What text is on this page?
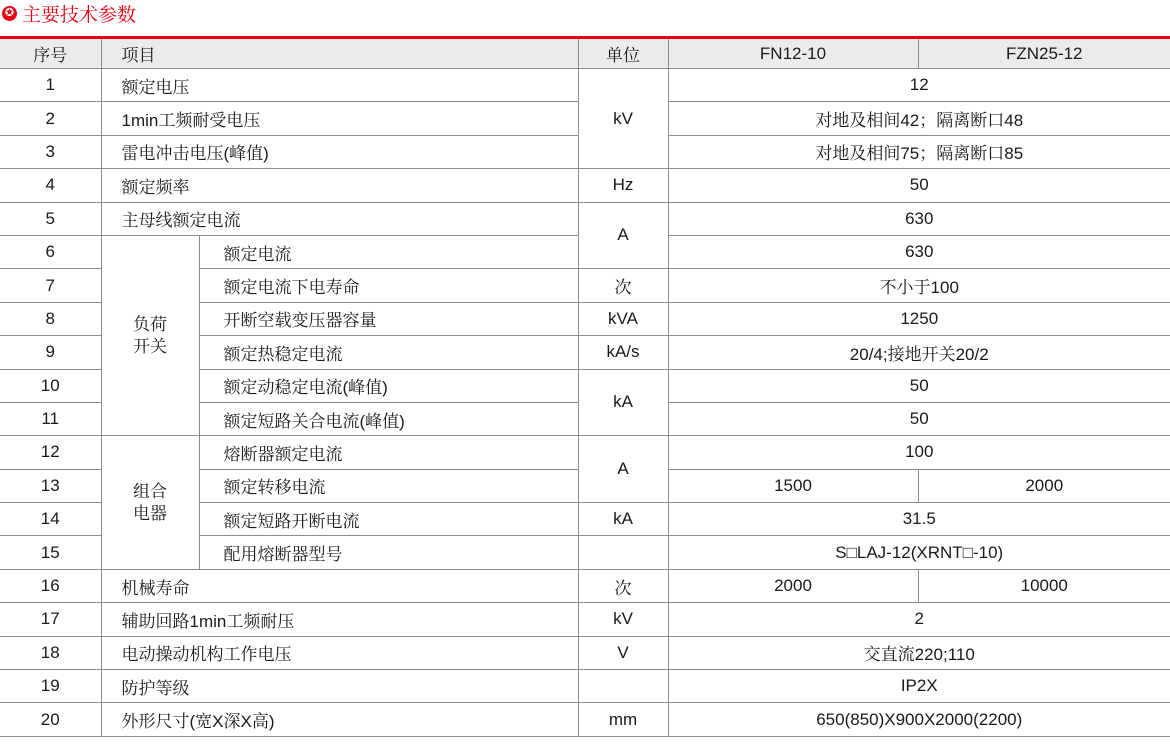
✪ 主要技术参数
序号	项目		单位	FN12-10	FZN25-12
1	额定电压		kV	12	
2	1min工频耐受电压			对地及相间42；隔离断口48	
3	雷电冲击电压(峰值)			对地及相间75；隔离断口85	
4	额定频率		Hz	50	
5	主母线额定电流		A	630	
6	负荷开关	额定电流		630	
7		额定电流下电寿命	次	不小于100	
8		开断空载变压器容量	kVA	1250	
9		额定热稳定电流	kA/s	20/4;接地开关20/2	
10		额定动稳定电流(峰值)	kA	50	
11		额定短路关合电流(峰值)		50	
12	组合电器	熔断器额定电流	A	100	
13		额定转移电流		1500	2000
14		额定短路开断电流	kA	31.5	
15		配用熔断器型号		S□LAJ-12(XRNT□-10)	
16	机械寿命		次	2000	10000
17	辅助回路1min工频耐压		kV	2	
18	电动操动机构工作电压		V	交直流220;110	
19	防护等级			IP2X	
20	外形尺寸(宽X深X高)		mm	650(850)X900X2000(2200)	
